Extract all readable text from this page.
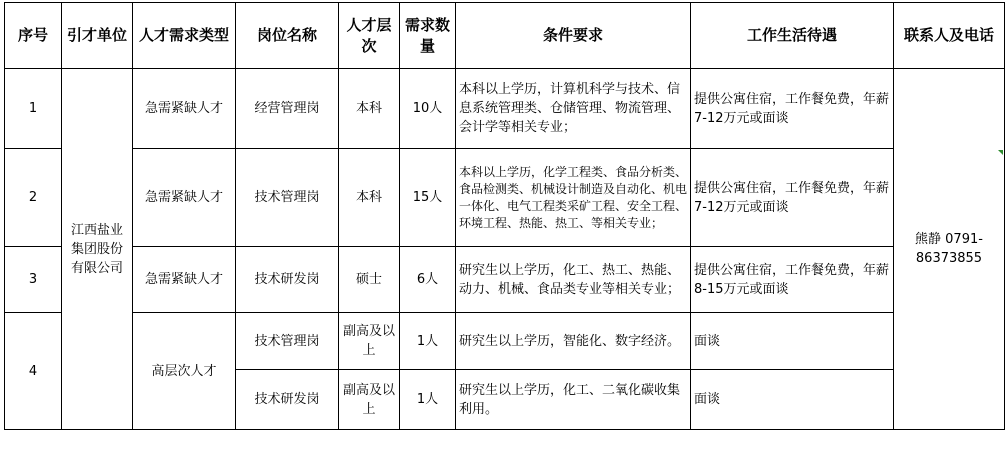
序号	引才单位	人才需求类型	岗位名称	人才层次	需求数量	条件要求	工作生活待遇	联系人及电话
1	江西盐业集团股份有限公司	急需紧缺人才	经营管理岗	本科	10人	本科以上学历，计算机科学与技术、信息系统管理类、仓储管理、物流管理、会计学等相关专业；	提供公寓住宿，工作餐免费，年薪7-12万元或面谈	熊静 0791-86373855
2		急需紧缺人才	技术管理岗	本科	15人	本科以上学历，化学工程类、食品分析类、食品检测类、机械设计制造及自动化、机电一体化、电气工程类采矿工程、安全工程、环境工程、热能、热工、等相关专业；	提供公寓住宿，工作餐免费，年薪7-12万元或面谈	
3		急需紧缺人才	技术研发岗	硕士	6人	研究生以上学历，化工、热工、热能、动力、机械、食品类专业等相关专业；	提供公寓住宿，工作餐免费，年薪8-15万元或面谈	
4		高层次人才	技术管理岗	副高及以上	1人	研究生以上学历，智能化、数字经济。	面谈	
			技术研发岗	副高及以上	1人	研究生以上学历，化工、二氧化碳收集利用。	面谈	
